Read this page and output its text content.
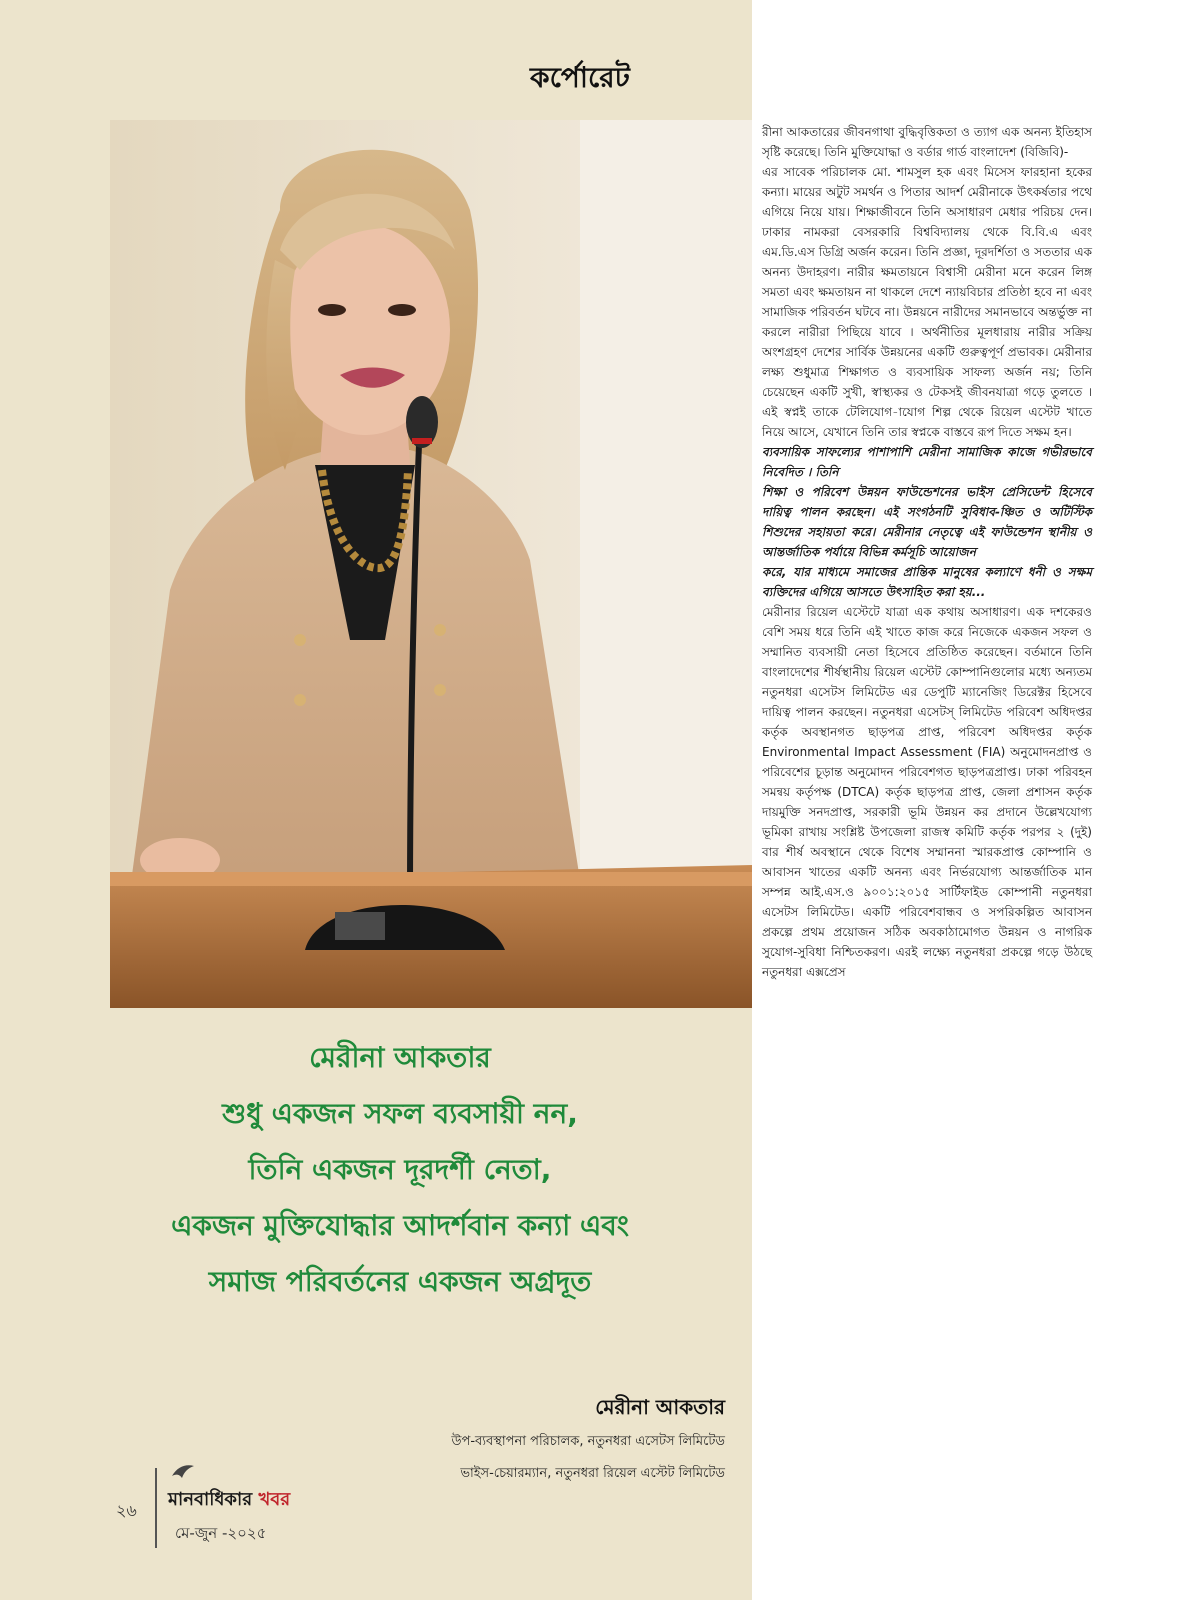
কর্পোরেট
মেরীনা আকতার
শুধু একজন সফল ব্যবসায়ী নন,
তিনি একজন দূরদর্শী নেতা,
একজন মুক্তিযোদ্ধার আদর্শবান কন্যা এবং
সমাজ পরিবর্তনের একজন অগ্রদূত
মেরীনা আকতার
উপ-ব্যবস্থাপনা পরিচালক, নতুনধরা এসেটস লিমিটেড
ভাইস-চেয়ারম্যান, নতুনধরা রিয়েল এস্টেট লিমিটেড
২৬
মানবাধিকার খবর
মে-জুন -২০২৫

রীনা আকতারের জীবনগাথা বুদ্ধিবৃত্তিকতা ও ত্যাগ এক অনন্য ইতিহাস সৃষ্টি করেছে। তিনি মুক্তিযোদ্ধা ও বর্ডার গার্ড বাংলাদেশ (বিজিবি)-

এর সাবেক পরিচালক মো. শামসুল হক এবং মিসেস ফারহানা হকের কন্যা। মায়ের অটুট সমর্থন ও পিতার আদর্শ মেরীনাকে উৎকর্ষতার পথে এগিয়ে নিয়ে যায়। শিক্ষাজীবনে তিনি অসাধারণ মেধার পরিচয় দেন। ঢাকার নামকরা বেসরকারি বিশ্ববিদ্যালয় থেকে বি.বি.এ এবং এম.ডি.এস ডিগ্রি অর্জন করেন। তিনি প্রজ্ঞা, দূরদর্শিতা ও সততার এক অনন্য উদাহরণ। নারীর ক্ষমতায়নে বিশ্বাসী মেরীনা মনে করেন লিঙ্গ সমতা এবং ক্ষমতায়ন না থাকলে দেশে ন্যায়বিচার প্রতিষ্ঠা হবে না এবং সামাজিক পরিবর্তন ঘটবে না। উন্নয়নে নারীদের সমানভাবে অন্তর্ভুক্ত না করলে নারীরা পিছিয়ে যাবে । অর্থনীতির মূলধারায় নারীর সক্রিয় অংশগ্রহণ দেশের সার্বিক উন্নয়নের একটি গুরুত্বপূর্ণ প্রভাবক। মেরীনার লক্ষ্য শুধুমাত্র শিক্ষাগত ও ব্যবসায়িক সাফল্য অর্জন নয়; তিনি চেয়েছেন একটি সুখী, স্বাস্থ্যকর ও টেকসই জীবনযাত্রা গড়ে তুলতে । এই স্বপ্নই তাকে টেলিযোগ-াযোগ শিল্প থেকে রিয়েল এস্টেট খাতে নিয়ে আসে, যেখানে তিনি তার স্বপ্নকে বাস্তবে রূপ দিতে সক্ষম হন।

ব্যবসায়িক সাফল্যের পাশাপাশি মেরীনা সামাজিক কাজে গভীরভাবে নিবেদিত । তিনি

শিক্ষা ও পরিবেশ উন্নয়ন ফাউন্ডেশনের ভাইস প্রেসিডেন্ট হিসেবে দায়িত্ব পালন করছেন। এই সংগঠনটি সুবিধাব-ঞ্চিত ও অটিস্টিক শিশুদের সহায়তা করে। মেরীনার নেতৃত্বে এই ফাউন্ডেশন স্থানীয় ও আন্তর্জাতিক পর্যায়ে বিভিন্ন কর্মসূচি আয়োজন

করে, যার মাধ্যমে সমাজের প্রান্তিক মানুষের কল্যাণে ধনী ও সক্ষম ব্যক্তিদের এগিয়ে আসতে উৎসাহিত করা হয়...

মেরীনার রিয়েল এস্টেটে যাত্রা এক কথায় অসাধারণ। এক দশকেরও বেশি সময় ধরে তিনি এই খাতে কাজ করে নিজেকে একজন সফল ও সম্মানিত ব্যবসায়ী নেতা হিসেবে প্রতিষ্ঠিত করেছেন। বর্তমানে তিনি বাংলাদেশের শীর্ষস্থানীয় রিয়েল এস্টেট কোম্পানিগুলোর মধ্যে অন্যতম নতুনধরা এসেটস লিমিটেড এর ডেপুটি ম্যানেজিং ডিরেক্টর হিসেবে দায়িত্ব পালন করছেন। নতুনধরা এসেটস্ লিমিটেড পরিবেশ অধিদপ্তর কর্তৃক অবস্থানগত ছাড়পত্র প্রাপ্ত, পরিবেশ অধিদপ্তর কর্তৃক Environmental Impact Assessment (FIA) অনুমোদনপ্রাপ্ত ও পরিবেশের চূড়ান্ত অনুমোদন পরিবেশগত ছাড়পত্রপ্রাপ্ত। ঢাকা পরিবহন সমন্বয় কর্তৃপক্ষ (DTCA) কর্তৃক ছাড়পত্র প্রাপ্ত, জেলা প্রশাসন কর্তৃক দায়মুক্তি সনদপ্রাপ্ত, সরকারী ভূমি উন্নয়ন কর প্রদানে উল্লেখযোগ্য ভূমিকা রাখায় সংশ্লিষ্ট উপজেলা রাজস্ব কমিটি কর্তৃক পরপর ২ (দুই) বার শীর্ষ অবস্থানে থেকে বিশেষ সম্মাননা স্মারকপ্রাপ্ত কোম্পানি ও আবাসন খাতের একটি অনন্য এবং নির্ভরযোগ্য আন্তর্জাতিক মান সম্পন্ন আই.এস.ও ৯০০১:২০১৫ সার্টিফাইড কোম্পানী নতুনধরা এসেটস লিমিটেড। একটি পরিবেশবান্ধব ও সপরিকল্পিত আবাসন প্রকল্পে প্রথম প্রয়োজন সঠিক অবকাঠামোগত উন্নয়ন ও নাগরিক সুযোগ-সুবিধা নিশ্চিতকরণ। এরই লক্ষ্যে নতুনধরা প্রকল্পে গড়ে উঠছে নতুনধরা এক্সপ্রেস
